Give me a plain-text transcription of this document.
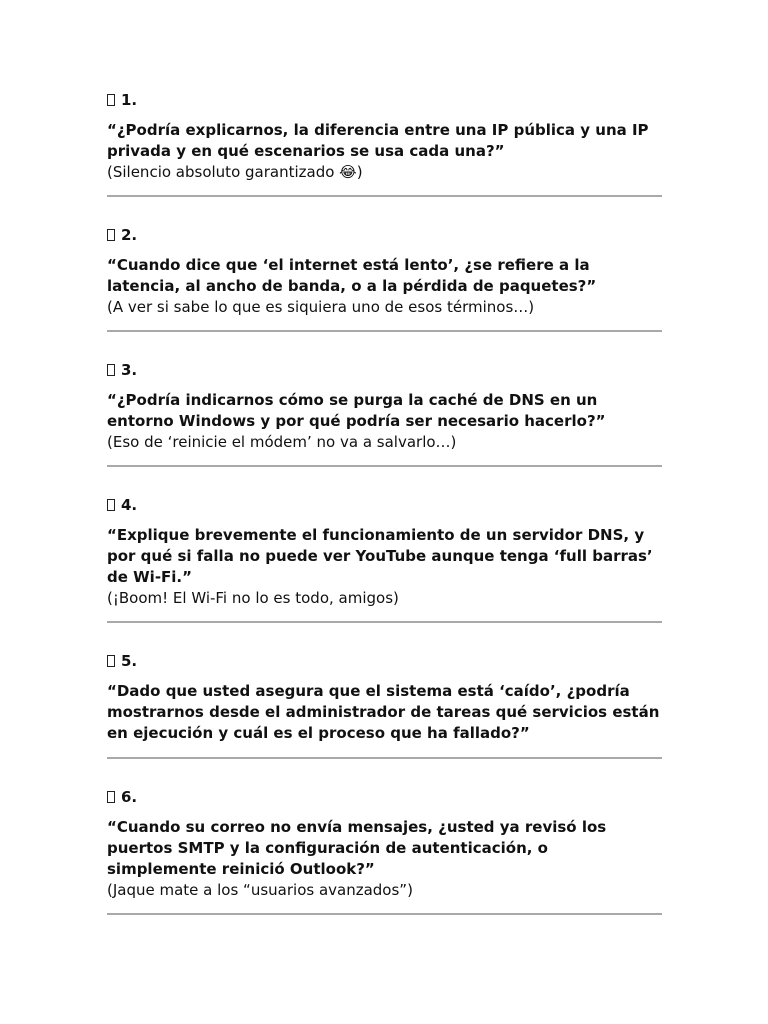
1.

“¿Podría explicarnos, la diferencia entre una IP pública y una IP privada y en qué escenarios se usa cada una?”

(Silencio absoluto garantizado 😂)

2.

“Cuando dice que ‘el internet está lento’, ¿se refiere a la latencia, al ancho de banda, o a la pérdida de paquetes?”

(A ver si sabe lo que es siquiera uno de esos términos…)

3.

“¿Podría indicarnos cómo se purga la caché de DNS en un entorno Windows y por qué podría ser necesario hacerlo?”

(Eso de ‘reinicie el módem’ no va a salvarlo…)

4.

“Explique brevemente el funcionamiento de un servidor DNS, y por qué si falla no puede ver YouTube aunque tenga ‘full barras’ de Wi-Fi.”

(¡Boom! El Wi-Fi no lo es todo, amigos)

5.

“Dado que usted asegura que el sistema está ‘caído’, ¿podría mostrarnos desde el administrador de tareas qué servicios están en ejecución y cuál es el proceso que ha fallado?”

6.

“Cuando su correo no envía mensajes, ¿usted ya revisó los puertos SMTP y la configuración de autenticación, o simplemente reinició Outlook?”

(Jaque mate a los “usuarios avanzados”)
